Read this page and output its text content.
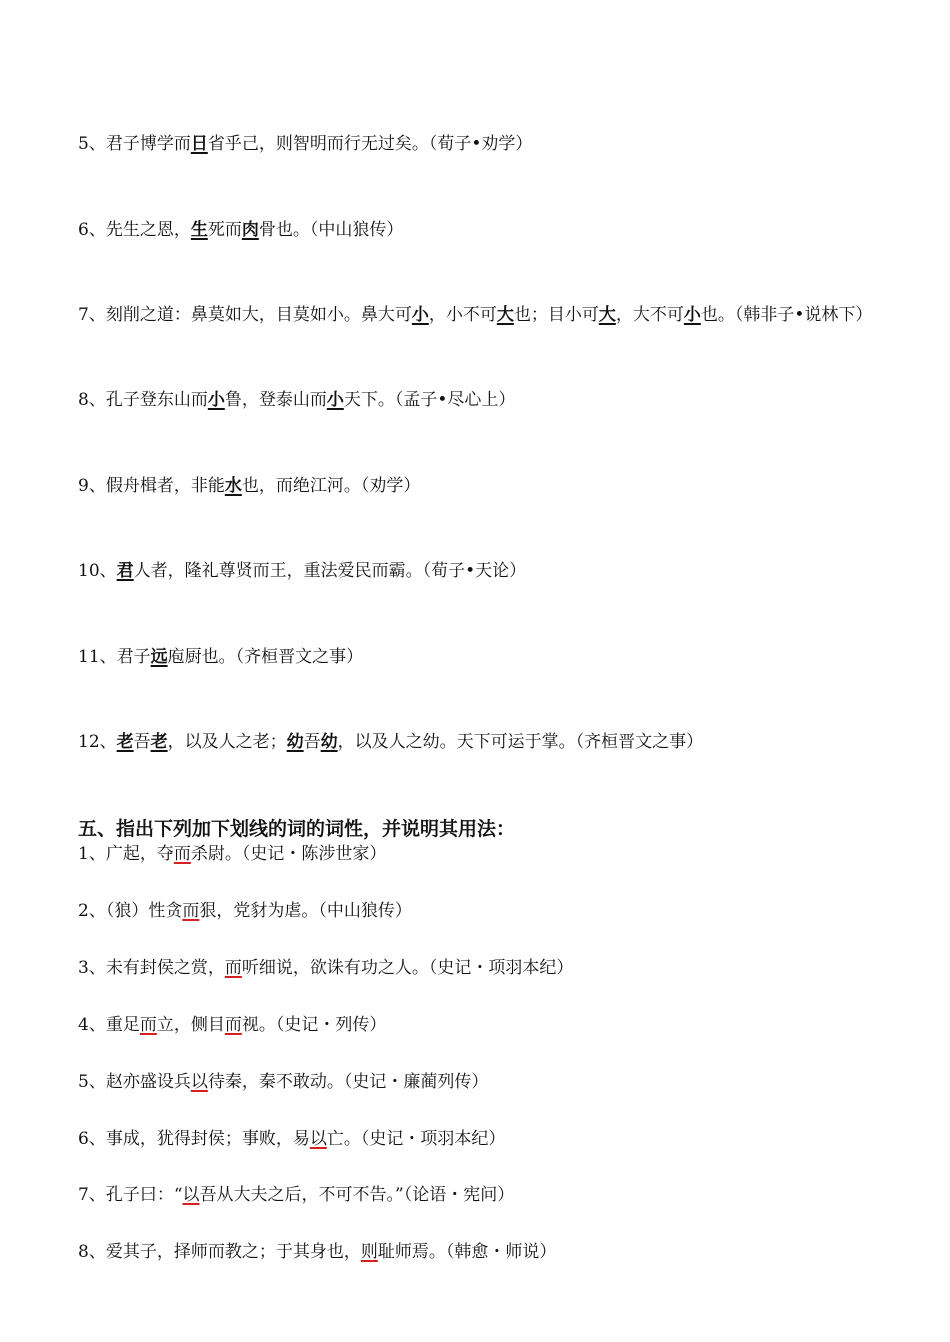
5、君子博学而日省乎己，则智明而行无过矣。（荀子•劝学）
6、先生之恩，生死而肉骨也。（中山狼传）
7、刻削之道：鼻莫如大，目莫如小。鼻大可小，小不可大也；目小可大，大不可小也。（韩非子•说林下）
8、孔子登东山而小鲁，登泰山而小天下。（孟子•尽心上）
9、假舟楫者，非能水也，而绝江河。（劝学）
10、君人者，隆礼尊贤而王，重法爱民而霸。（荀子•天论）
11、君子远庖厨也。（齐桓晋文之事）
12、老吾老，以及人之老；幼吾幼，以及人之幼。天下可运于掌。（齐桓晋文之事）
五、指出下列加下划线的词的词性，并说明其用法：
1、广起，夺而杀尉。（史记・陈涉世家）
2、（狼）性贪而狠，党豺为虐。（中山狼传）
3、未有封侯之赏，而听细说，欲诛有功之人。（史记・项羽本纪）
4、重足而立，侧目而视。（史记・列传）
5、赵亦盛设兵以待秦，秦不敢动。（史记・廉蔺列传）
6、事成，犹得封侯；事败，易以亡。（史记・项羽本纪）
7、孔子曰：“以吾从大夫之后，不可不告。”（论语・宪问）
8、爱其子，择师而教之；于其身也，则耻师焉。（韩愈・师说）
